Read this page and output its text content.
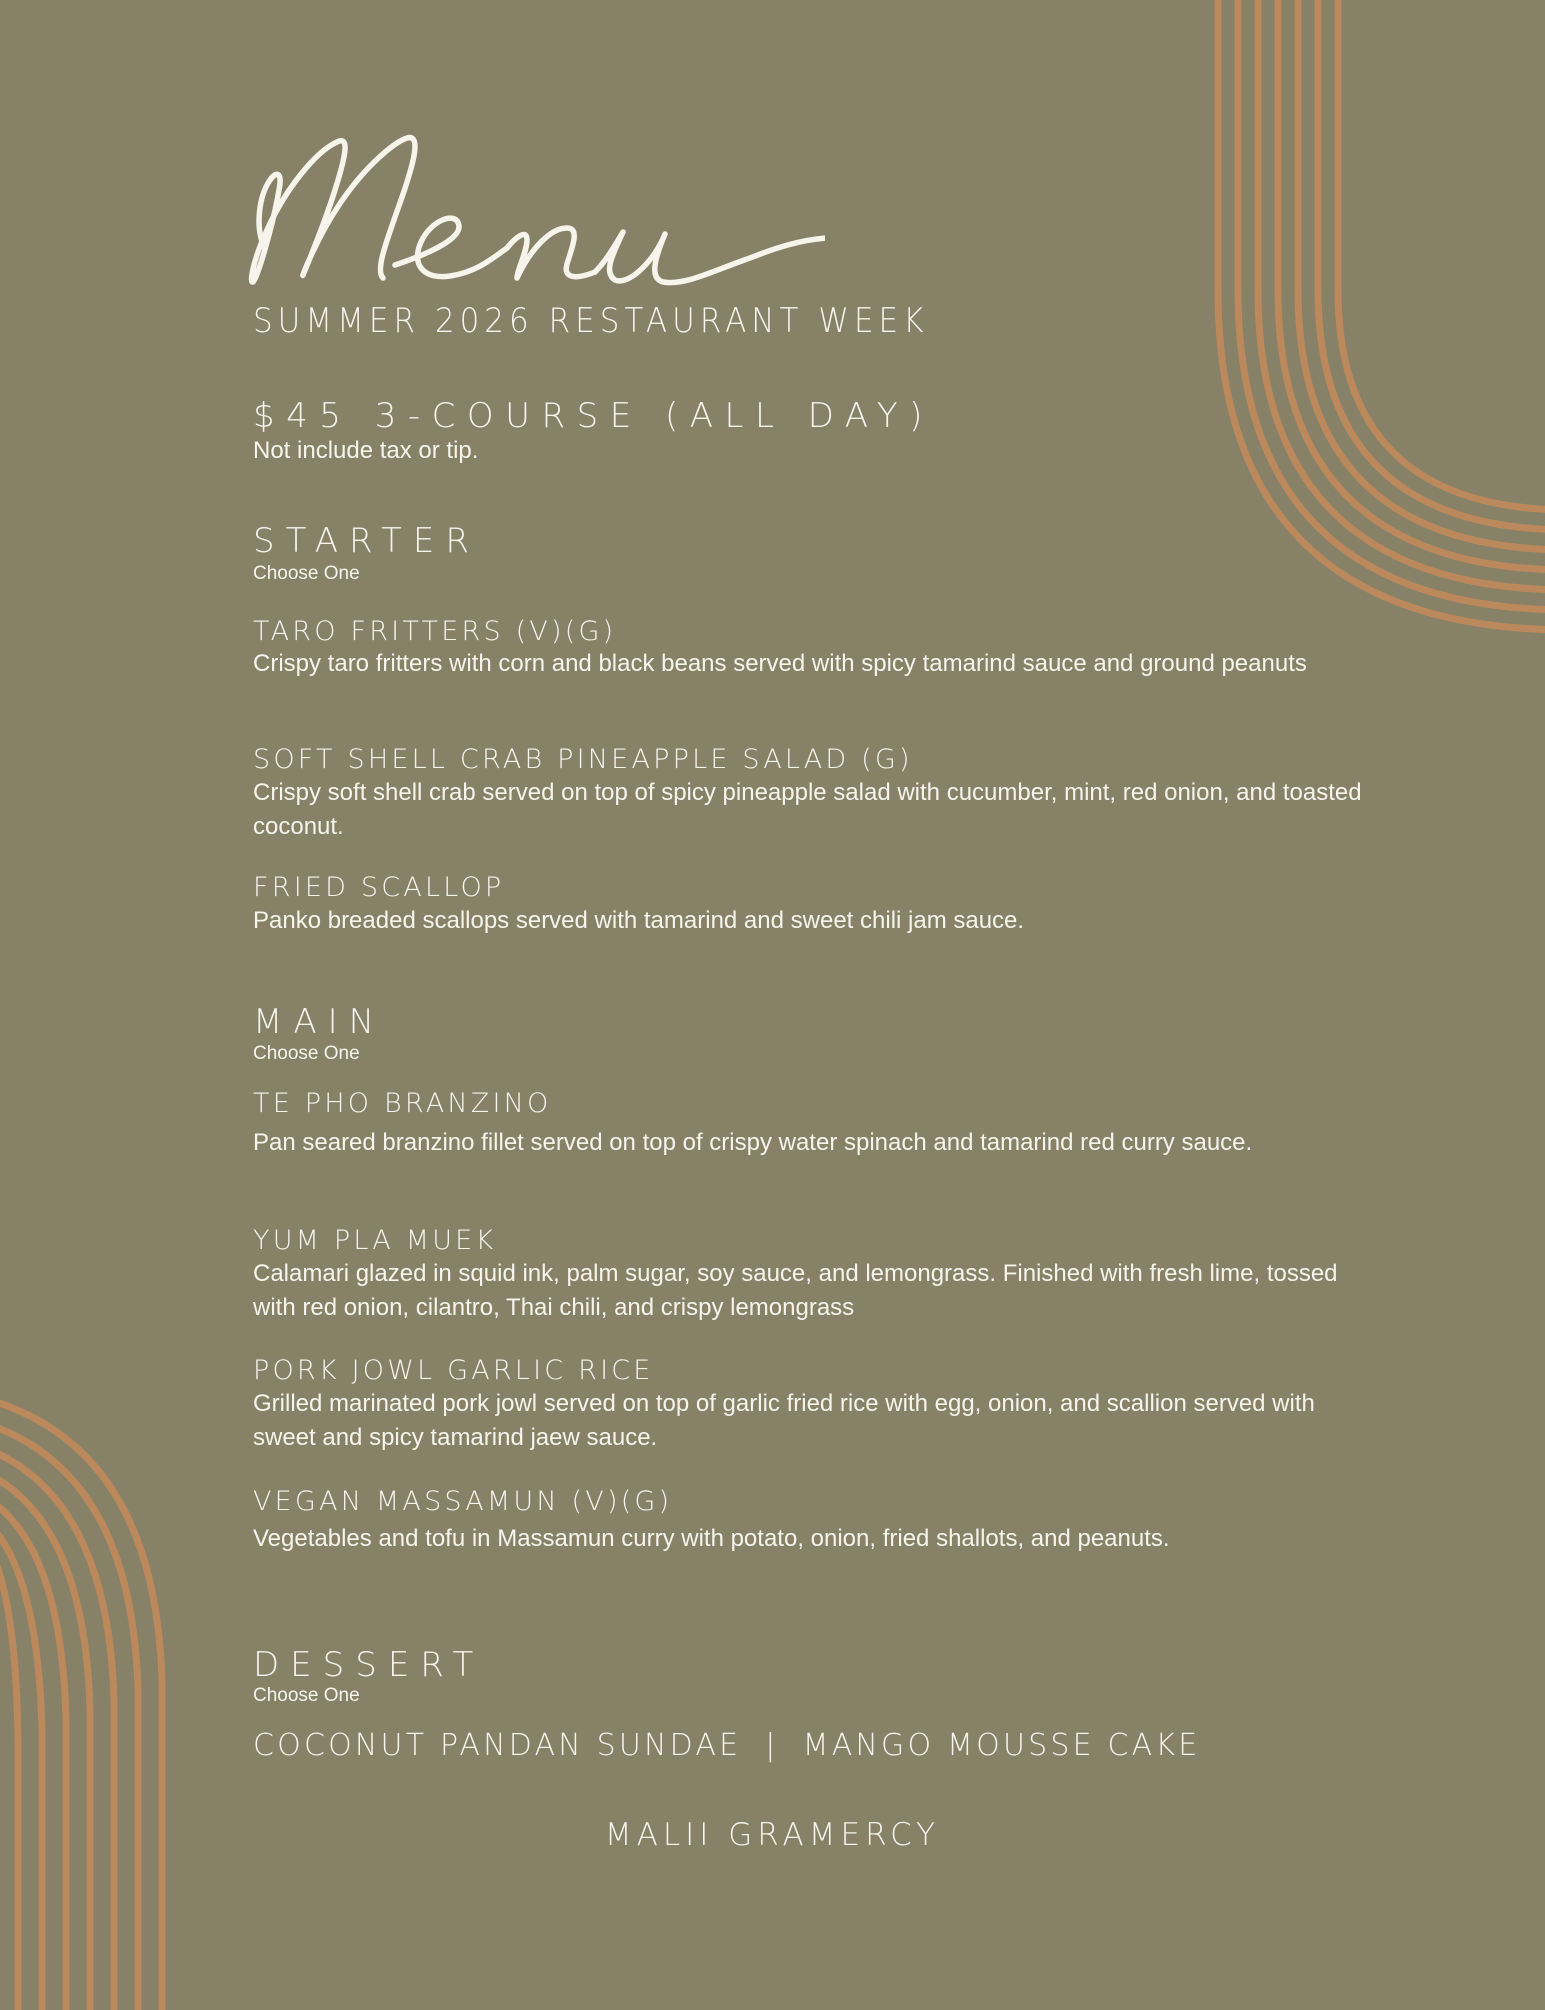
SUMMER 2026 RESTAURANT WEEK

$45 3-COURSE (ALL DAY)

Not include tax or tip.

STARTER

Choose One

TARO FRITTERS (V)(G)

Crispy taro fritters with corn and black beans served with spicy tamarind sauce and ground peanuts

SOFT SHELL CRAB PINEAPPLE SALAD (G)

Crispy soft shell crab served on top of spicy pineapple salad with cucumber, mint, red onion, and toasted coconut.

FRIED SCALLOP

Panko breaded scallops served with tamarind and sweet chili jam sauce.

MAIN

Choose One

TE PHO BRANZINO

Pan seared branzino fillet served on top of crispy water spinach and tamarind red curry sauce.

YUM PLA MUEK

Calamari glazed in squid ink, palm sugar, soy sauce, and lemongrass. Finished with fresh lime, tossed with red onion, cilantro, Thai chili, and crispy lemongrass

PORK JOWL GARLIC RICE

Grilled marinated pork jowl served on top of garlic fried rice with egg, onion, and scallion served with sweet and spicy tamarind jaew sauce.

VEGAN MASSAMUN (V)(G)

Vegetables and tofu in Massamun curry with potato, onion, fried shallots, and peanuts.

DESSERT

Choose One

COCONUT PANDAN SUNDAE | MANGO MOUSSE CAKE

MALII GRAMERCY
